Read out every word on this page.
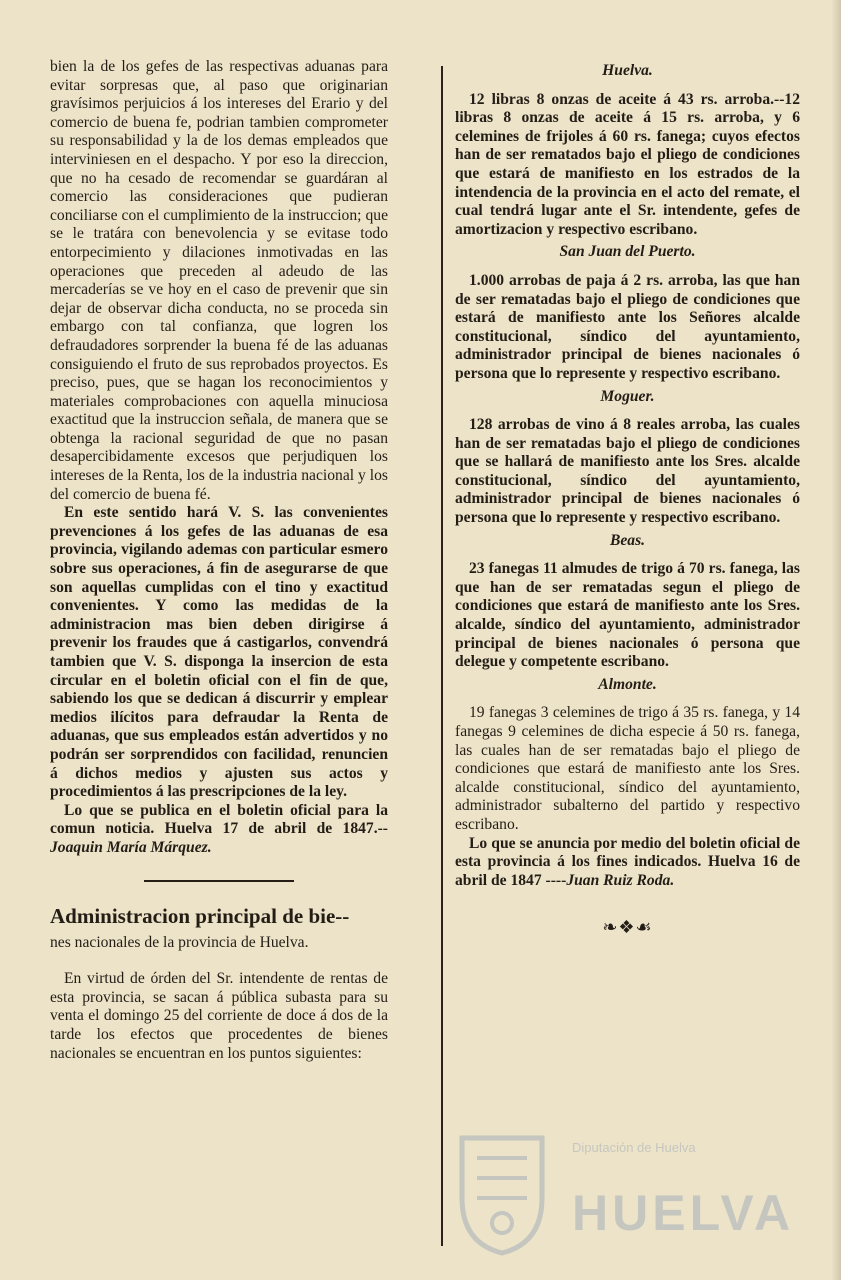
bien la de los gefes de las respectivas aduanas para evitar sorpresas que, al paso que originarian gravísimos perjuicios á los intereses del Erario y del comercio de buena fe, podrian tambien comprometer su responsabilidad y la de los demas empleados que interviniesen en el despacho. Y por eso la direccion, que no ha cesado de recomendar se guardáran al comercio las consideraciones que pudieran conciliarse con el cumplimiento de la instruccion; que se le tratára con benevolencia y se evitase todo entorpecimiento y dilaciones inmotivadas en las operaciones que preceden al adeudo de las mercaderías se ve hoy en el caso de prevenir que sin dejar de observar dicha conducta, no se proceda sin embargo con tal confianza, que logren los defraudadores sorprender la buena fé de las aduanas consiguiendo el fruto de sus reprobados proyectos. Es preciso, pues, que se hagan los reconocimientos y materiales comprobaciones con aquella minuciosa exactitud que la instruccion señala, de manera que se obtenga la racional seguridad de que no pasan desapercibidamente excesos que perjudiquen los intereses de la Renta, los de la industria nacional y los del comercio de buena fé.

En este sentido hará V. S. las convenientes prevenciones á los gefes de las aduanas de esa provincia, vigilando ademas con particular esmero sobre sus operaciones, á fin de asegurarse de que son aquellas cumplidas con el tino y exactitud convenientes. Y como las medidas de la administracion mas bien deben dirigirse á prevenir los fraudes que á castigarlos, convendrá tambien que V. S. disponga la insercion de esta circular en el boletin oficial con el fin de que, sabiendo los que se dedican á discurrir y emplear medios ilícitos para defraudar la Renta de aduanas, que sus empleados están advertidos y no podrán ser sorprendidos con facilidad, renuncien á dichos medios y ajusten sus actos y procedimientos á las prescripciones de la ley.

Lo que se publica en el boletin oficial para la comun noticia. Huelva 17 de abril de 1847.--Joaquin María Márquez.

Administracion principal de bie--
nes nacionales de la provincia de Huelva.

En virtud de órden del Sr. intendente de rentas de esta provincia, se sacan á pública subasta para su venta el domingo 25 del corriente de doce á dos de la tarde los efectos que procedentes de bienes nacionales se encuentran en los puntos siguientes:

Huelva.

12 libras 8 onzas de aceite á 43 rs. arroba.--12 libras 8 onzas de aceite á 15 rs. arroba, y 6 celemines de frijoles á 60 rs. fanega; cuyos efectos han de ser rematados bajo el pliego de condiciones que estará de manifiesto en los estrados de la intendencia de la provincia en el acto del remate, el cual tendrá lugar ante el Sr. intendente, gefes de amortizacion y respectivo escribano.

San Juan del Puerto.

1.000 arrobas de paja á 2 rs. arroba, las que han de ser rematadas bajo el pliego de condiciones que estará de manifiesto ante los Señores alcalde constitucional, síndico del ayuntamiento, administrador principal de bienes nacionales ó persona que lo represente y respectivo escribano.

Moguer.

128 arrobas de vino á 8 reales arroba, las cuales han de ser rematadas bajo el pliego de condiciones que se hallará de manifiesto ante los Sres. alcalde constitucional, síndico del ayuntamiento, administrador principal de bienes nacionales ó persona que lo represente y respectivo escribano.

Beas.

23 fanegas 11 almudes de trigo á 70 rs. fanega, las que han de ser rematadas segun el pliego de condiciones que estará de manifiesto ante los Sres. alcalde, síndico del ayuntamiento, administrador principal de bienes nacionales ó persona que delegue y competente escribano.

Almonte.

19 fanegas 3 celemines de trigo á 35 rs. fanega, y 14 fanegas 9 celemines de dicha especie á 50 rs. fanega, las cuales han de ser rematadas bajo el pliego de condiciones que estará de manifiesto ante los Sres. alcalde constitucional, síndico del ayuntamiento, administrador subalterno del partido y respectivo escribano.

Lo que se anuncia por medio del boletin oficial de esta provincia á los fines indicados. Huelva 16 de abril de 1847 ----Juan Ruiz Roda.

❧❖☙
Diputación de Huelva
HUELVA
